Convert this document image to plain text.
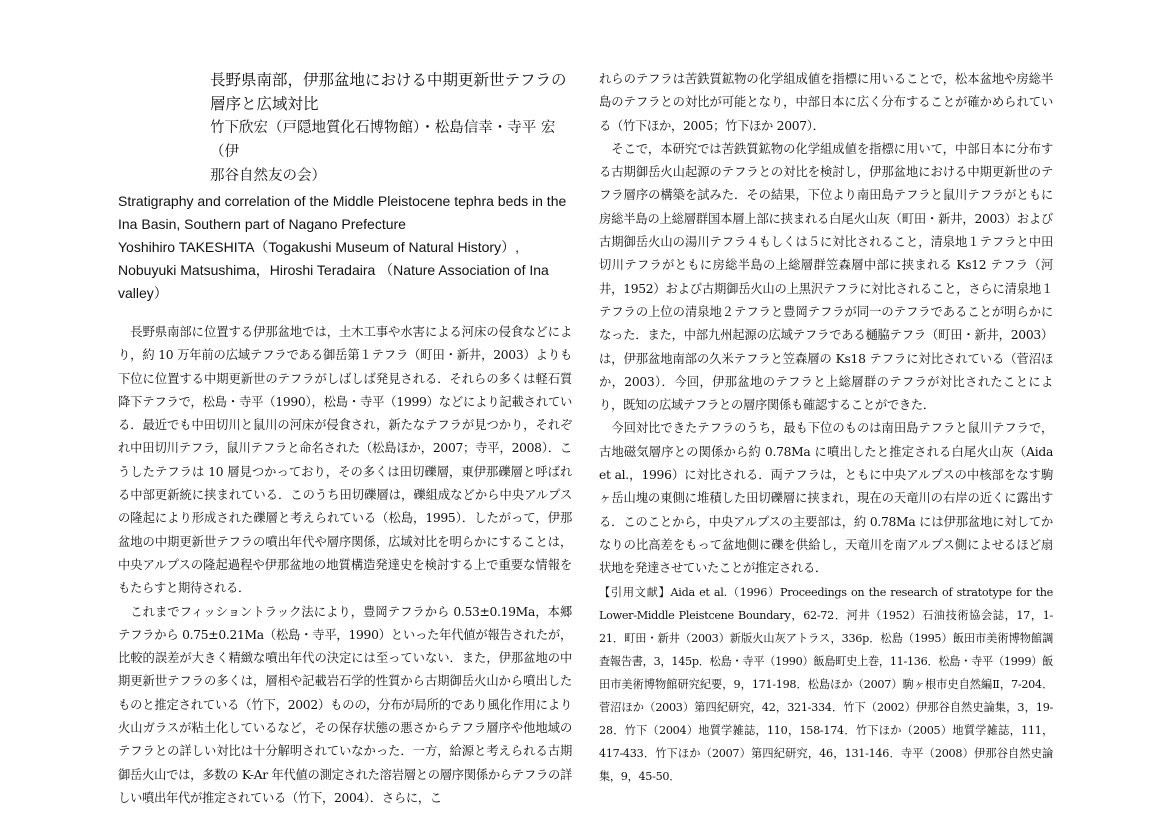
長野県南部，伊那盆地における中期更新世テフラの
層序と広域対比
竹下欣宏（戸隠地質化石博物館）・松島信幸・寺平 宏（伊
那谷自然友の会）

Stratigraphy and correlation of the Middle Pleistocene tephra beds in the Ina Basin, Southern part of Nagano Prefecture

Yoshihiro TAKESHITA（Togakushi Museum of Natural History）, Nobuyuki Matsushima，Hiroshi Teradaira （Nature Association of Ina valley）

長野県南部に位置する伊那盆地では，土木工事や水害による河床の侵食などにより，約 10 万年前の広域テフラである御岳第１テフラ（町田・新井，2003）よりも下位に位置する中期更新世のテフラがしばしば発見される．それらの多くは軽石質降下テフラで，松島・寺平（1990），松島・寺平（1999）などにより記載されている．最近でも中田切川と鼠川の河床が侵食され，新たなテフラが見つかり，それぞれ中田切川テフラ，鼠川テフラと命名された（松島ほか，2007；寺平，2008）．こうしたテフラは 10 層見つかっており，その多くは田切礫層，東伊那礫層と呼ばれる中部更新統に挟まれている．このうち田切礫層は，礫組成などから中央アルプスの隆起により形成された礫層と考えられている（松島，1995）．したがって，伊那盆地の中期更新世テフラの噴出年代や層序関係，広域対比を明らかにすることは，中央アルプスの隆起過程や伊那盆地の地質構造発達史を検討する上で重要な情報をもたらすと期待される．

これまでフィッショントラック法により，豊岡テフラから 0.53±0.19Ma，本郷テフラから 0.75±0.21Ma（松島・寺平，1990）といった年代値が報告されたが，比較的誤差が大きく精緻な噴出年代の決定には至っていない．また，伊那盆地の中期更新世テフラの多くは，層相や記載岩石学的性質から古期御岳火山から噴出したものと推定されている（竹下，2002）ものの，分布が局所的であり風化作用により火山ガラスが粘土化しているなど，その保存状態の悪さからテフラ層序や他地域のテフラとの詳しい対比は十分解明されていなかった．一方，給源と考えられる古期御岳火山では，多数の K-Ar 年代値の測定された溶岩層との層序関係からテフラの詳しい噴出年代が推定されている（竹下，2004）．さらに，こ

れらのテフラは苦鉄質鉱物の化学組成値を指標に用いることで，松本盆地や房総半島のテフラとの対比が可能となり，中部日本に広く分布することが確かめられている（竹下ほか，2005；竹下ほか 2007）．

そこで，本研究では苦鉄質鉱物の化学組成値を指標に用いて，中部日本に分布する古期御岳火山起源のテフラとの対比を検討し，伊那盆地における中期更新世のテフラ層序の構築を試みた．その結果，下位より南田島テフラと鼠川テフラがともに房総半島の上総層群国本層上部に挟まれる白尾火山灰（町田・新井，2003）および古期御岳火山の湯川テフラ４もしくは５に対比されること，清泉地１テフラと中田切川テフラがともに房総半島の上総層群笠森層中部に挟まれる Ks12 テフラ（河井，1952）および古期御岳火山の上黒沢テフラに対比されること，さらに清泉地１テフラの上位の清泉地２テフラと豊岡テフラが同一のテフラであることが明らかになった．また，中部九州起源の広域テフラである樋脇テフラ（町田・新井，2003）は，伊那盆地南部の久米テフラと笠森層の Ks18 テフラに対比されている（菅沼ほか，2003）．今回，伊那盆地のテフラと上総層群のテフラが対比されたことにより，既知の広域テフラとの層序関係も確認することができた．

今回対比できたテフラのうち，最も下位のものは南田島テフラと鼠川テフラで，古地磁気層序との関係から約 0.78Ma に噴出したと推定される白尾火山灰（Aida et al.，1996）に対比される．両テフラは，ともに中央アルプスの中核部をなす駒ヶ岳山塊の東側に堆積した田切礫層に挟まれ，現在の天竜川の右岸の近くに露出する．このことから，中央アルプスの主要部は，約 0.78Ma には伊那盆地に対してかなりの比高差をもって盆地側に礫を供給し，天竜川を南アルプス側によせるほど扇状地を発達させていたことが推定される．

【引用文献】Aida et al.（1996）Proceedings on the research of stratotype for the Lower-Middle Pleistcene Boundary，62-72．河井（1952）石油技術協会誌，17，1-21．町田・新井（2003）新版火山灰アトラス，336p．松島（1995）飯田市美術博物館調査報告書，3，145p．松島・寺平（1990）飯島町史上巻，11-136．松島・寺平（1999）飯田市美術博物館研究紀要，9，171-198．松島ほか（2007）駒ヶ根市史自然編Ⅱ，7-204．菅沼ほか（2003）第四紀研究，42，321-334．竹下（2002）伊那谷自然史論集，3，19-28．竹下（2004）地質学雑誌，110，158-174．竹下ほか（2005）地質学雑誌，111，417-433．竹下ほか（2007）第四紀研究，46，131-146．寺平（2008）伊那谷自然史論集，9，45-50．
